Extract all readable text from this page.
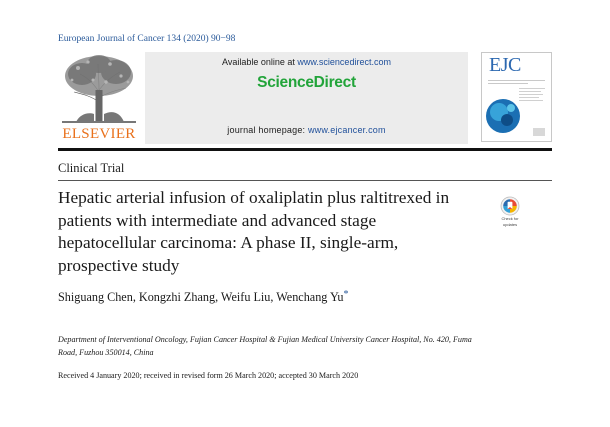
European Journal of Cancer 134 (2020) 90−98
ELSEVIER
Available online at www.sciencedirect.com
ScienceDirect
journal homepage: www.ejcancer.com
EJC
Clinical Trial
Hepatic arterial infusion of oxaliplatin plus raltitrexed in
patients with intermediate and advanced stage
hepatocellular carcinoma: A phase II, single-arm,
prospective study
Check for
updates
Shiguang Chen, Kongzhi Zhang, Weifu Liu, Wenchang Yu*
Department of Interventional Oncology, Fujian Cancer Hospital & Fujian Medical University Cancer Hospital, No. 420, Fuma
Road, Fuzhou 350014, China
Received 4 January 2020; received in revised form 26 March 2020; accepted 30 March 2020
